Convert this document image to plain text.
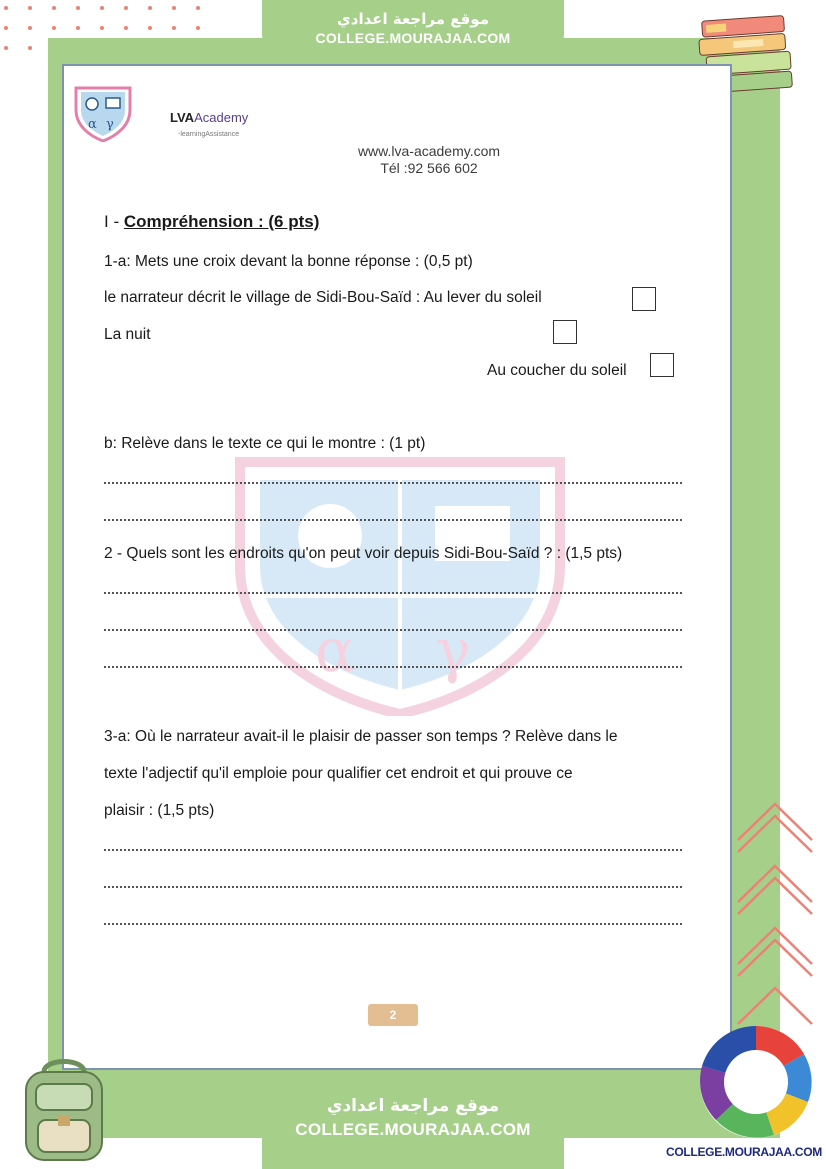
موقع مراجعة اعدادي
COLLEGE.MOURAJAA.COM
α γ	LVAAcademy
-learningAssistance
www.lva-academy.com
Tél :92 566 602
α γ
I - Compréhension : (6 pts)
1-a: Mets une croix devant la bonne réponse : (0,5 pt)
le narrateur décrit le village de Sidi-Bou-Saïd : Au lever du soleil
La nuit
Au coucher du soleil
b: Relève dans le texte ce qui le montre : (1 pt)
2 - Quels sont les endroits qu'on peut voir depuis Sidi-Bou-Saïd ? : (1,5 pts)
3-a: Où le narrateur avait-il le plaisir de passer son temps ? Relève dans le
texte l'adjectif qu'il emploie pour qualifier cet endroit et qui prouve ce
plaisir : (1,5 pts)
2
موقع مراجعة اعدادي
COLLEGE.MOURAJAA.COM
COLLEGE.MOURAJAA.COM
